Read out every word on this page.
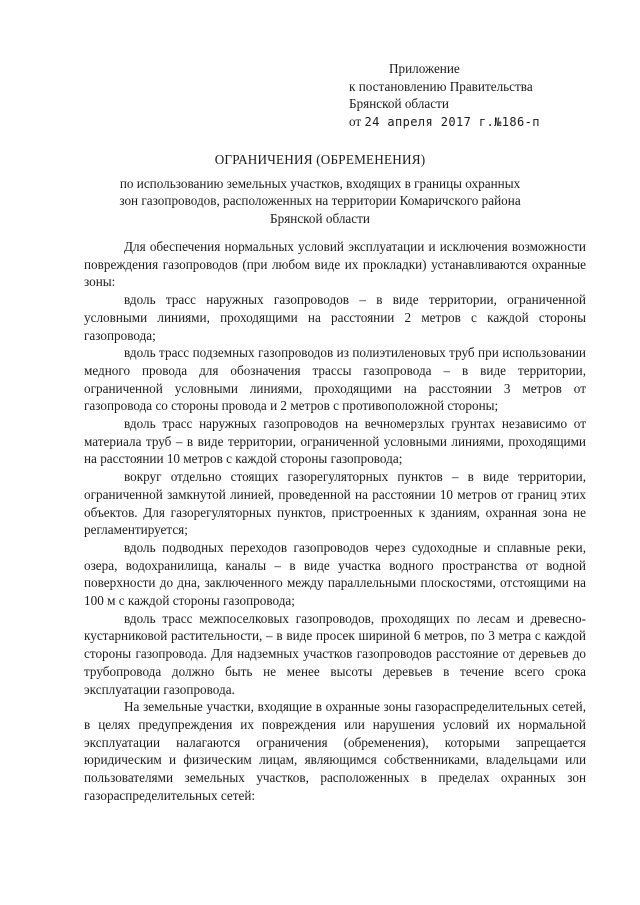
Приложение
к постановлению Правительства
Брянской области
от 24 апреля 2017 г.№186-п
ОГРАНИЧЕНИЯ (ОБРЕМЕНЕНИЯ)
по использованию земельных участков, входящих в границы охранных
зон газопроводов, расположенных на территории Комаричского района
Брянской области

Для обеспечения нормальных условий эксплуатации и исключения возможности повреждения газопроводов (при любом виде их прокладки) устанавливаются охранные зоны:

вдоль трасс наружных газопроводов – в виде территории, ограниченной условными линиями, проходящими на расстоянии 2 метров с каждой стороны газопровода;

вдоль трасс подземных газопроводов из полиэтиленовых труб при использовании медного провода для обозначения трассы газопровода – в виде территории, ограниченной условными линиями, проходящими на расстоянии 3 метров от газопровода со стороны провода и 2 метров с противоположной стороны;

вдоль трасс наружных газопроводов на вечномерзлых грунтах независимо от материала труб – в виде территории, ограниченной условными линиями, проходящими на расстоянии 10 метров с каждой стороны газопровода;

вокруг отдельно стоящих газорегуляторных пунктов – в виде территории, ограниченной замкнутой линией, проведенной на расстоянии 10 метров от границ этих объектов. Для газорегуляторных пунктов, пристроенных к зданиям, охранная зона не регламентируется;

вдоль подводных переходов газопроводов через судоходные и сплавные реки, озера, водохранилища, каналы – в виде участка водного пространства от водной поверхности до дна, заключенного между параллельными плоскостями, отстоящими на 100 м с каждой стороны газопровода;

вдоль трасс межпоселковых газопроводов, проходящих по лесам и древесно-кустарниковой растительности, – в виде просек шириной 6 метров, по 3 метра с каждой стороны газопровода. Для надземных участков газопроводов расстояние от деревьев до трубопровода должно быть не менее высоты деревьев в течение всего срока эксплуатации газопровода.

На земельные участки, входящие в охранные зоны газораспределительных сетей, в целях предупреждения их повреждения или нарушения условий их нормальной эксплуатации налагаются ограничения (обременения), которыми запрещается юридическим и физическим лицам, являющимся собственниками, владельцами или пользователями земельных участков, расположенных в пределах охранных зон газораспределительных сетей:
